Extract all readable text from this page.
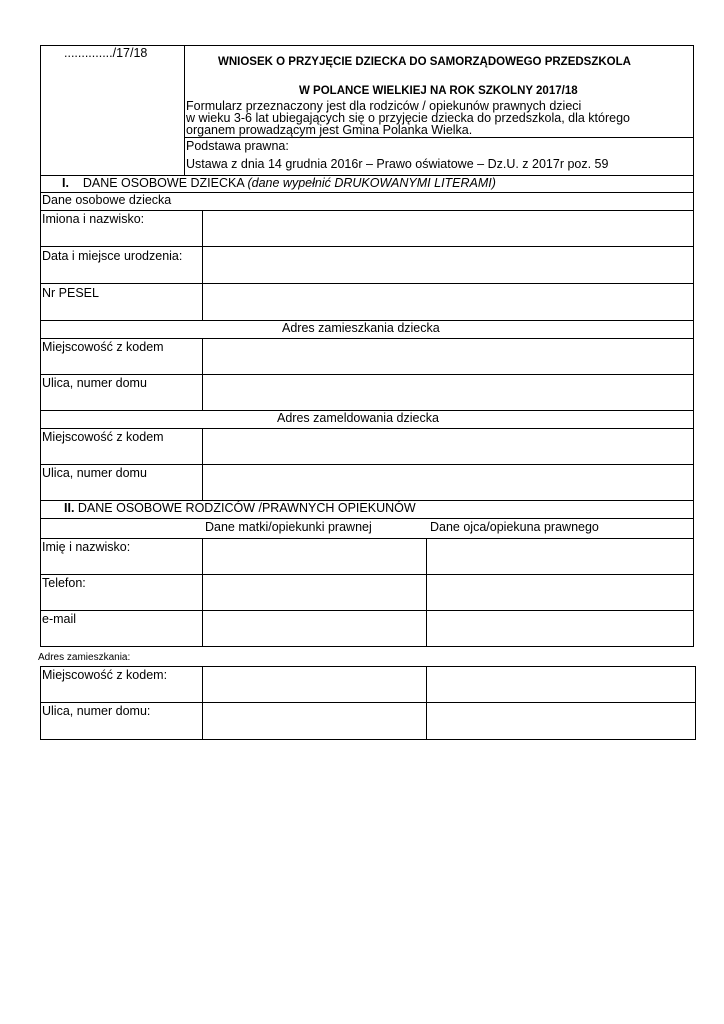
............../17/18
WNIOSEK O PRZYJĘCIE DZIECKA DO SAMORZĄDOWEGO PRZEDSZKOLA
W POLANCE WIELKIEJ NA ROK SZKOLNY 2017/18
Formularz przeznaczony jest dla rodziców / opiekunów prawnych dzieci
w wieku 3-6 lat ubiegających się o przyjęcie dziecka do przedszkola, dla którego
organem prowadzącym jest Gmina Polanka Wielka.
Podstawa prawna:
Ustawa z dnia 14 grudnia 2016r – Prawo oświatowe – Dz.U. z 2017r poz. 59
I. DANE OSOBOWE DZIECKA (dane wypełnić DRUKOWANYMI LITERAMI)
Dane osobowe dziecka
Imiona i nazwisko:
Data i miejsce urodzenia:
Nr PESEL
Adres zamieszkania dziecka
Miejscowość z kodem
Ulica, numer domu
Adres zameldowania dziecka
Miejscowość z kodem
Ulica, numer domu
II. DANE OSOBOWE RODZICÓW /PRAWNYCH OPIEKUNÓW
Dane matki/opiekunki prawnej	Dane ojca/opiekuna prawnego
Imię i nazwisko:
Telefon:
e-mail
Adres zamieszkania:
Miejscowość z kodem:
Ulica, numer domu:
